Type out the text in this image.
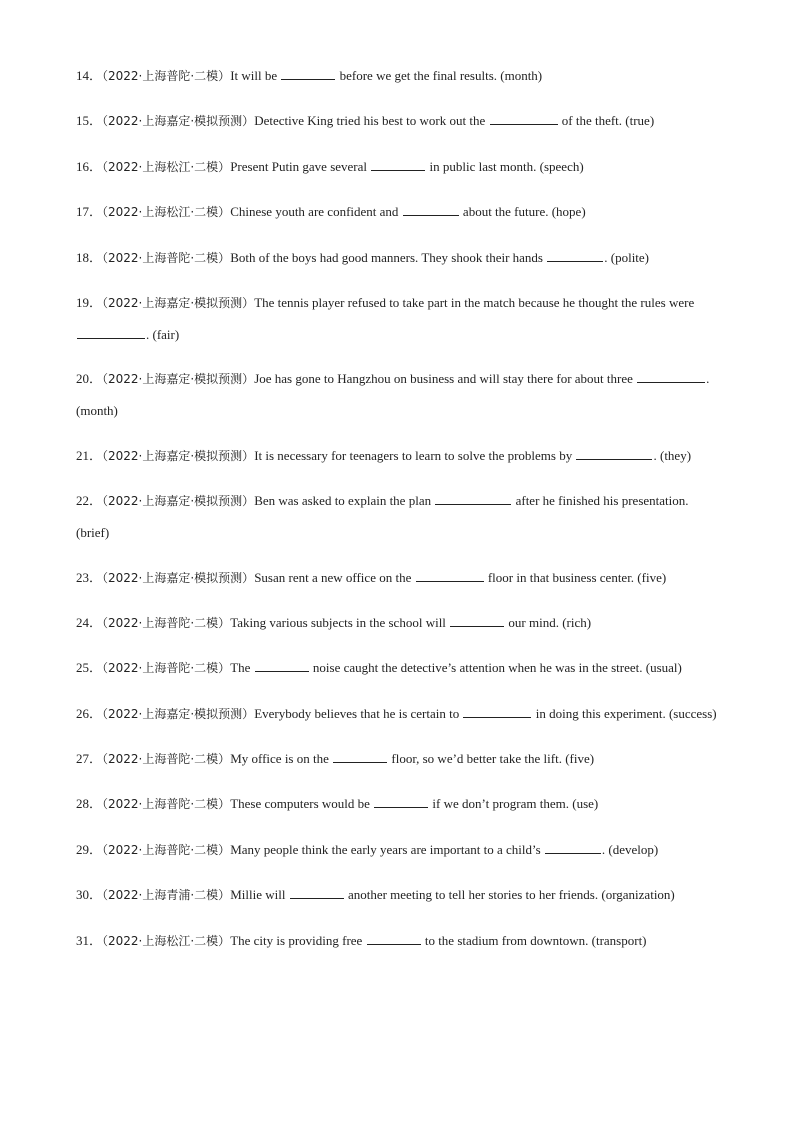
14．（2022·上海普陀·二模）It will be	before we get the final results. (month)
15．（2022·上海嘉定·模拟预测）Detective King tried his best to work out the	of the theft. (true)
16．（2022·上海松江·二模）Present Putin gave several	in public last month. (speech)
17．（2022·上海松江·二模）Chinese youth are confident and	about the future. (hope)
18．（2022·上海普陀·二模）Both of the boys had good manners. They shook their hands	. (polite)
19．（2022·上海嘉定·模拟预测）The tennis player refused to take part in the match because he thought the rules were . (fair)
20．（2022·上海嘉定·模拟预测）Joe has gone to Hangzhou on business and will stay there for about three	. (month)
21．（2022·上海嘉定·模拟预测）It is necessary for teenagers to learn to solve the problems by	. (they)
22．（2022·上海嘉定·模拟预测）Ben was asked to explain the plan	after he finished his presentation. (brief)
23．（2022·上海嘉定·模拟预测）Susan rent a new office on the	floor in that business center. (five)
24．（2022·上海普陀·二模）Taking various subjects in the school will	our mind. (rich)
25．（2022·上海普陀·二模）The	noise caught the detective’s attention when he was in the street. (usual)
26．（2022·上海嘉定·模拟预测）Everybody believes that he is certain to	in doing this experiment. (success)
27．（2022·上海普陀·二模）My office is on the	floor, so we’d better take the lift. (five)
28．（2022·上海普陀·二模）These computers would be	if we don’t program them. (use)
29．（2022·上海普陀·二模）Many people think the early years are important to a child’s	. (develop)
30．（2022·上海青浦·二模）Millie will	another meeting to tell her stories to her friends. (organization)
31．（2022·上海松江·二模）The city is providing free	to the stadium from downtown. (transport)
